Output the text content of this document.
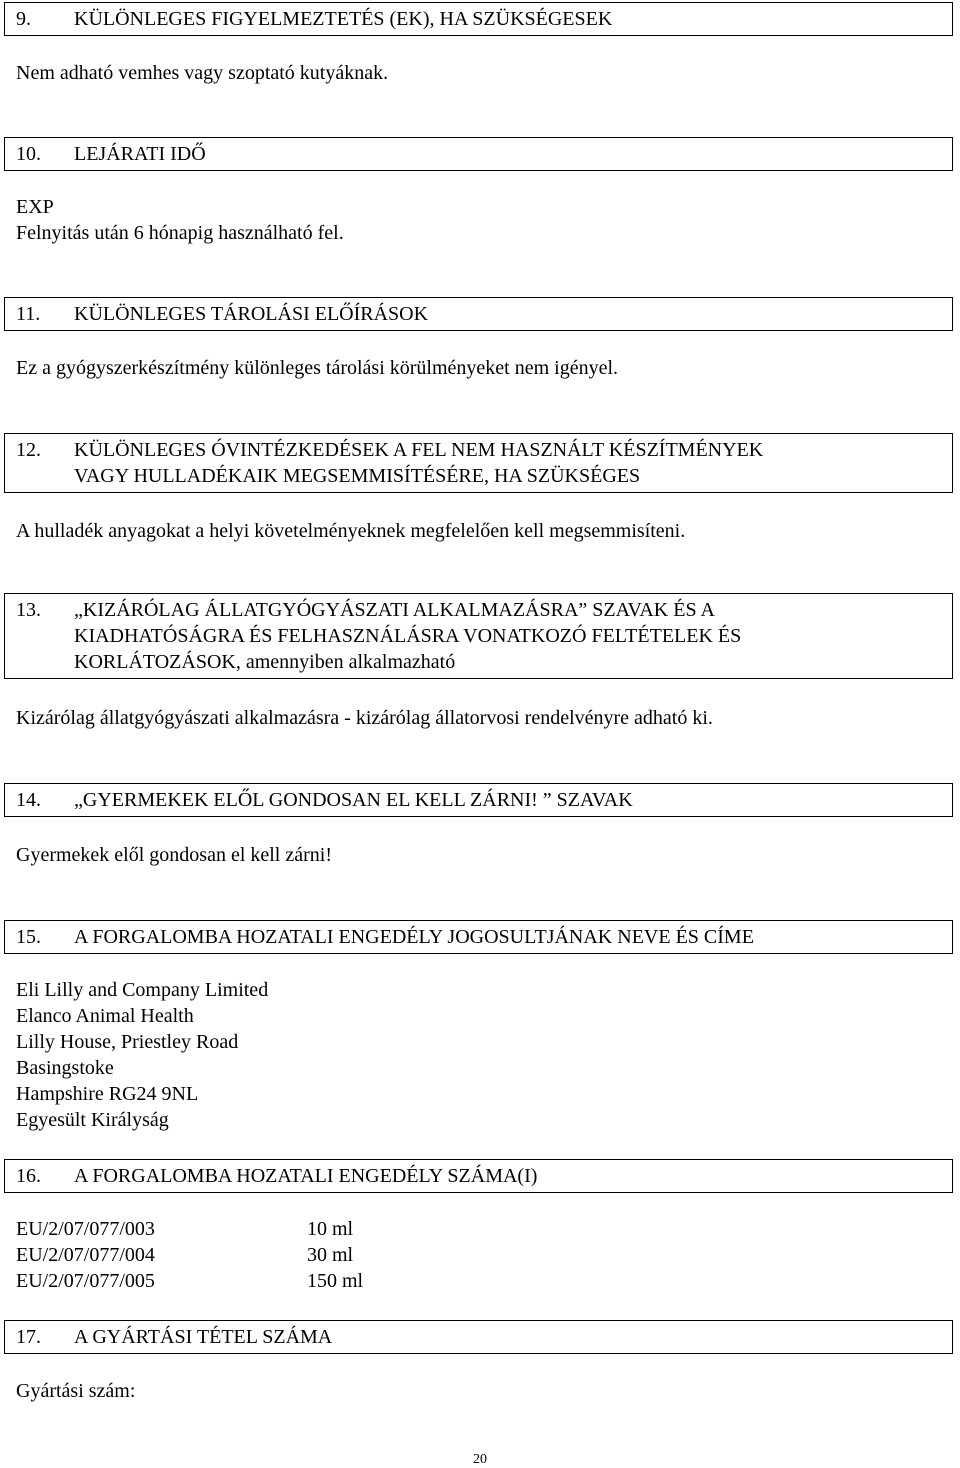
9. KÜLÖNLEGES FIGYELMEZTETÉS (EK), HA SZÜKSÉGESEK
Nem adható vemhes vagy szoptató kutyáknak.
10. LEJÁRATI IDŐ
EXP
Felnyitás után 6 hónapig használható fel.
11. KÜLÖNLEGES TÁROLÁSI ELŐÍRÁSOK
Ez a gyógyszerkészítmény különleges tárolási körülményeket nem igényel.
12.	KÜLÖNLEGES ÓVINTÉZKEDÉSEK A FEL NEM HASZNÁLT KÉSZÍTMÉNYEK
VAGY HULLADÉKAIK MEGSEMMISÍTÉSÉRE, HA SZÜKSÉGES
A hulladék anyagokat a helyi követelményeknek megfelelően kell megsemmisíteni.
13.	„KIZÁRÓLAG ÁLLATGYÓGYÁSZATI ALKALMAZÁSRA” SZAVAK ÉS A
KIADHATÓSÁGRA ÉS FELHASZNÁLÁSRA VONATKOZÓ FELTÉTELEK ÉS
KORLÁTOZÁSOK, amennyiben alkalmazható
Kizárólag állatgyógyászati alkalmazásra - kizárólag állatorvosi rendelvényre adható ki.
14. „GYERMEKEK ELŐL GONDOSAN EL KELL ZÁRNI! ” SZAVAK
Gyermekek elől gondosan el kell zárni!
15. A FORGALOMBA HOZATALI ENGEDÉLY JOGOSULTJÁNAK NEVE ÉS CÍME
Eli Lilly and Company Limited
Elanco Animal Health
Lilly House, Priestley Road
Basingstoke
Hampshire RG24 9NL
Egyesült Királyság
16. A FORGALOMBA HOZATALI ENGEDÉLY SZÁMA(I)
EU/2/07/077/003	10 ml
EU/2/07/077/004	30 ml
EU/2/07/077/005	150 ml
17. A GYÁRTÁSI TÉTEL SZÁMA
Gyártási szám:
20
